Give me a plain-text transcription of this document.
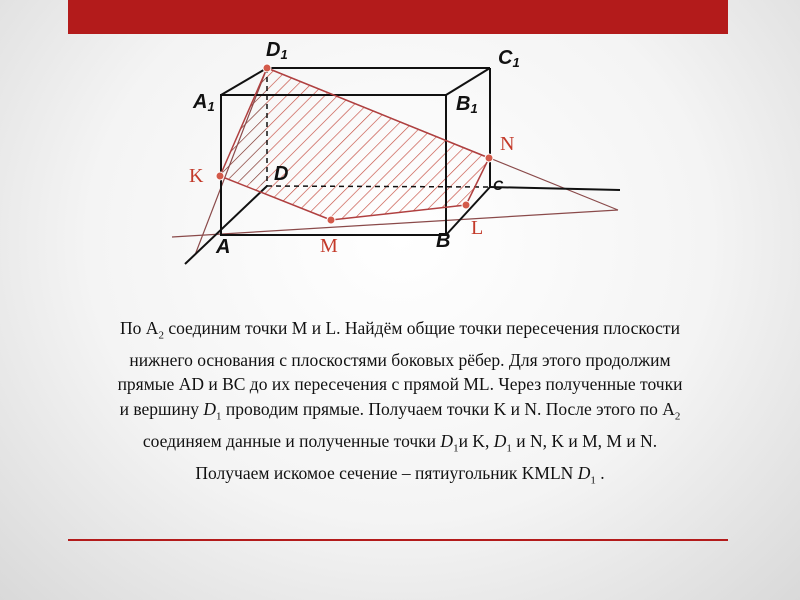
D1	C1
A1	B1
D
A	B
C
K
N
M
L
По $A_2$ соединим точки M и L. Найдём общие точки пересечения плоскости
нижнего основания с плоскостями боковых рёбер. Для этого продолжим
прямые AD и BC до их пересечения с прямой ML. Через полученные точки
и вершину $D_1$ проводим прямые. Получаем точки K и N. После этого по $A_2$
соединяем данные и полученные точки $D_1и$ K, $D_1$ и N, K и M, M и N.
Получаем искомое сечение – пятиугольник KMLN $D_1$ .
